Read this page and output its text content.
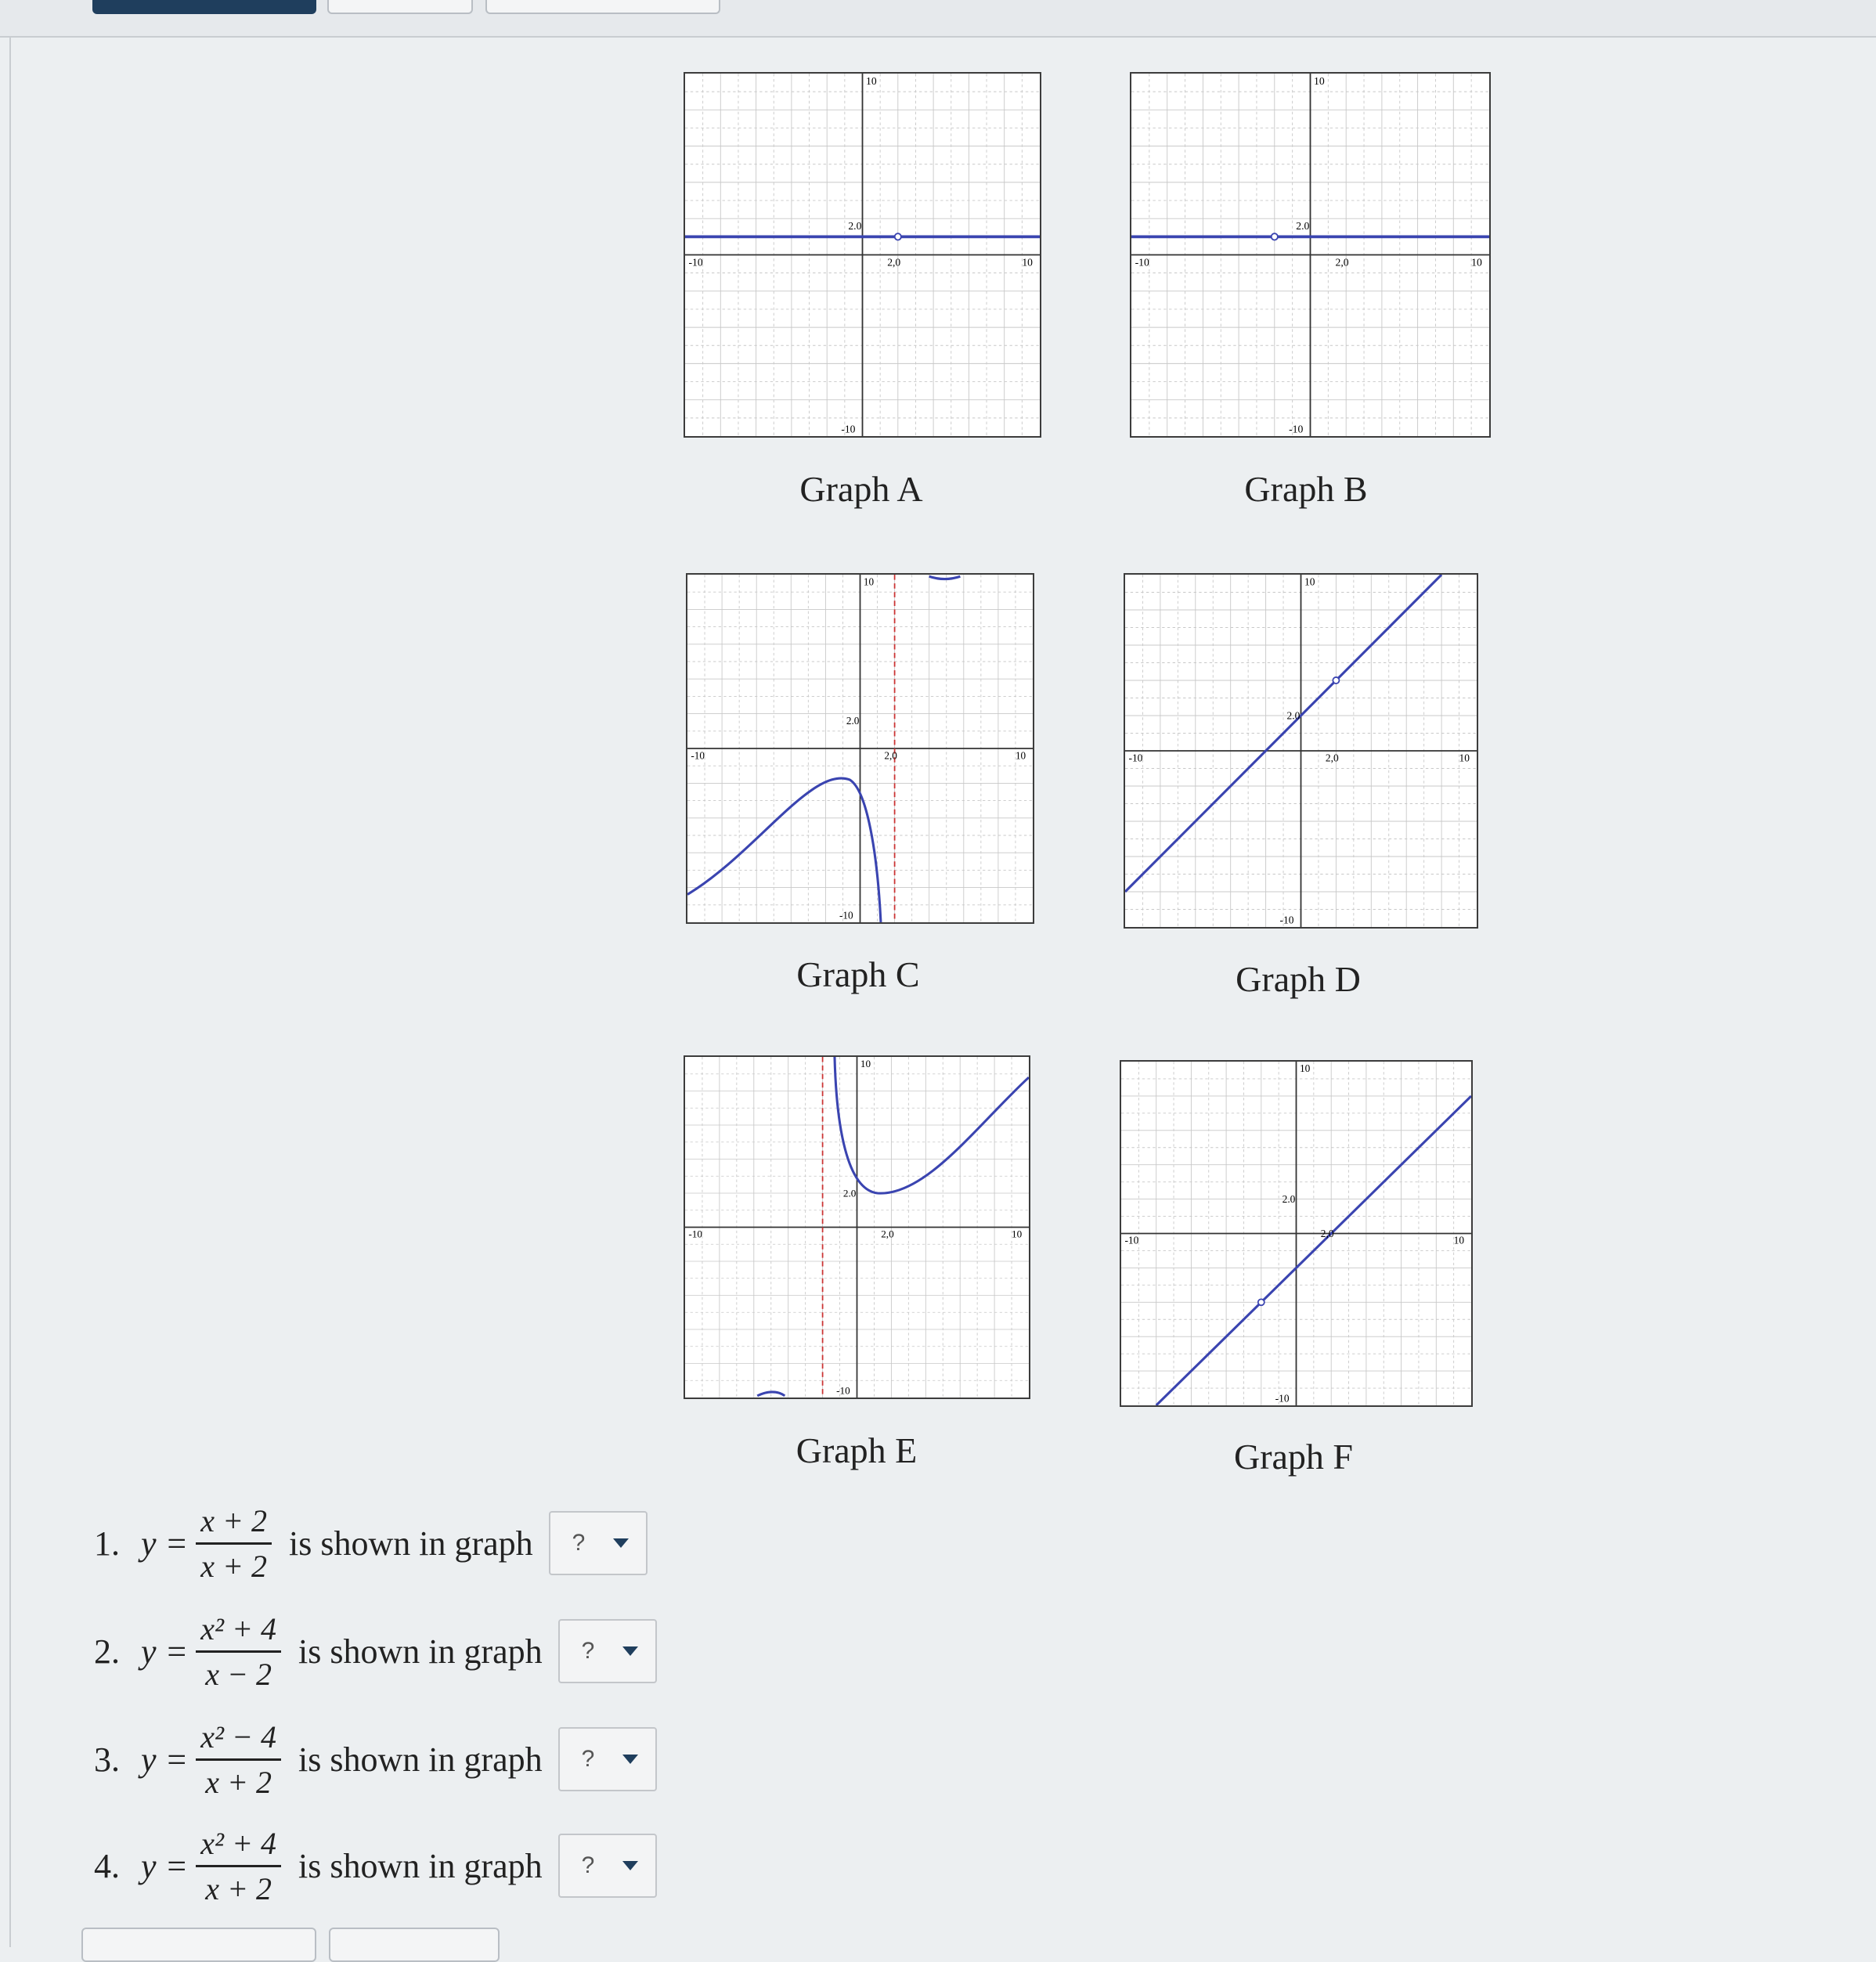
-10	10
10
-10
2.0
2,0
Graph A
-10	10
10
-10
2.0
2,0
Graph B
-10	10
10
-10
2.0
2,0
Graph C
-10	10
10
-10
2.0
2,0
Graph D
-10	10
10
-10
2.0
2,0
Graph E
-10	10
10
-10
2.0
2,0
Graph F
1. $y = \frac{x + 2}{x + 2}$ is shown in graph ?
2. $y = \frac{\text{x² + 4}}{x - 2}$ is shown in graph ?
3. $y = \frac{\text{x² − 4}}{x + 2}$ is shown in graph ?
4. $y = \frac{\text{x² + 4}}{x + 2}$ is shown in graph ?
